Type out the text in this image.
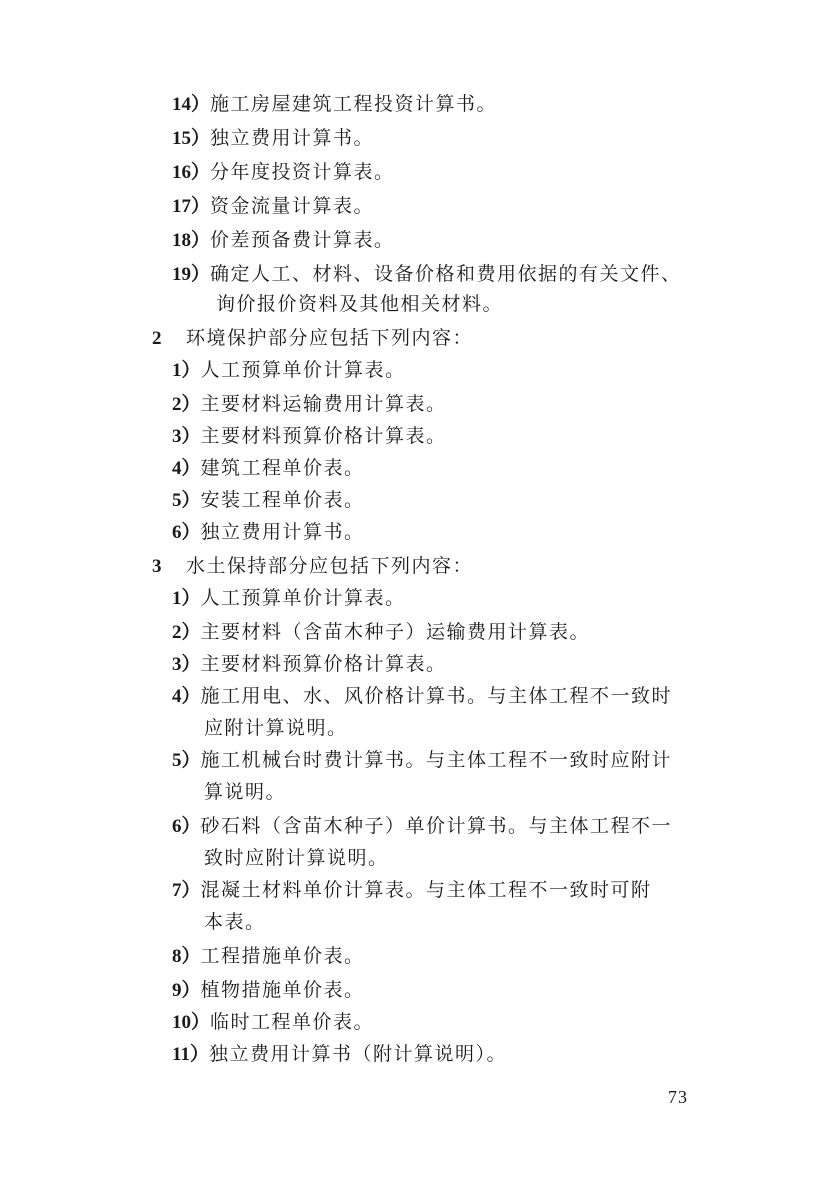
14）施工房屋建筑工程投资计算书。
15）独立费用计算书。
16）分年度投资计算表。
17）资金流量计算表。
18）价差预备费计算表。
19）确定人工、材料、设备价格和费用依据的有关文件、
询价报价资料及其他相关材料。
2 环境保护部分应包括下列内容：
1）人工预算单价计算表。
2）主要材料运输费用计算表。
3）主要材料预算价格计算表。
4）建筑工程单价表。
5）安装工程单价表。
6）独立费用计算书。
3 水土保持部分应包括下列内容：
1）人工预算单价计算表。
2）主要材料（含苗木种子）运输费用计算表。
3）主要材料预算价格计算表。
4）施工用电、水、风价格计算书。与主体工程不一致时
应附计算说明。
5）施工机械台时费计算书。与主体工程不一致时应附计
算说明。
6）砂石料（含苗木种子）单价计算书。与主体工程不一
致时应附计算说明。
7）混凝土材料单价计算表。与主体工程不一致时可附
本表。
8）工程措施单价表。
9）植物措施单价表。
10）临时工程单价表。
11）独立费用计算书（附计算说明）。
73
